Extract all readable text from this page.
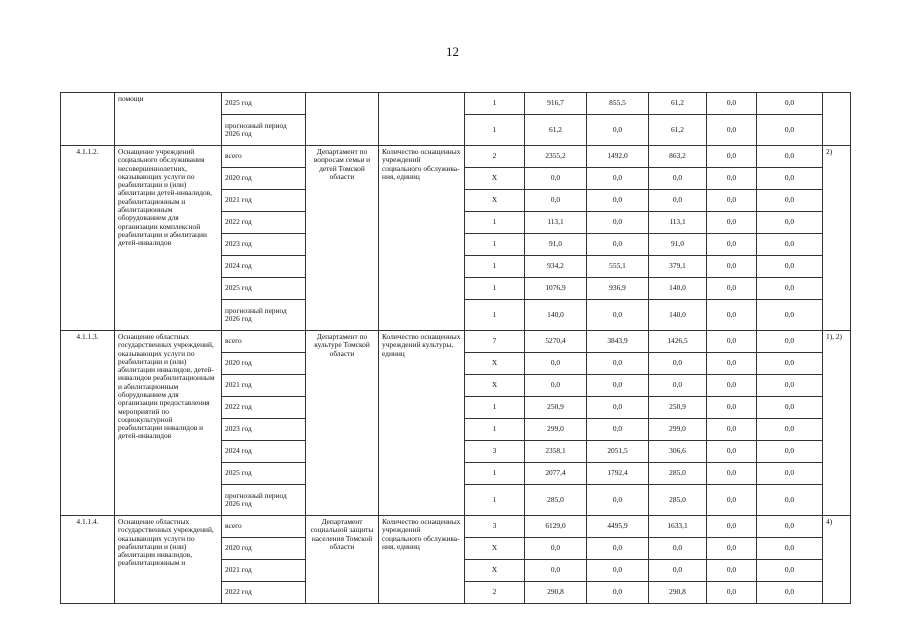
12
	помощи	2025 год			1	916,7	855,5	61,2	0,0	0,0	
		прогнозный период 2026 год			1	61,2	0,0	61,2	0,0	0,0	
4.1.1.2.	Оснащение учреждений социального обслуживания несовершеннолетних, оказывающих услуги по реабилитации и (или) абилитации детей-инвалидов, реабилитационным и абилитационным оборудованием для организации комплексной реабилитации и абилитации детей-инвалидов	всего	Департамент по вопросам семьи и детей Томской области	Количество оснащенных учреждений социального обслужива-ния, единиц	2	2355,2	1492,0	863,2	0,0	0,0	2)
		2020 год			Х	0,0	0,0	0,0	0,0	0,0	
		2021 год			Х	0,0	0,0	0,0	0,0	0,0	
		2022 год			1	113,1	0,0	113,1	0,0	0,0	
		2023 год			1	91,0	0,0	91,0	0,0	0,0	
		2024 год			1	934,2	555,1	379,1	0,0	0,0	
		2025 год			1	1076,9	936,9	140,0	0,0	0,0	
		прогнозный период 2026 год			1	140,0	0,0	140,0	0,0	0,0	
4.1.1.3.	Оснащение областных государственных учреждений, оказывающих услуги по реабилитации и (или) абилитации инвалидов, детей-инвалидов реабилитационным и абилитационным оборудованием для организации предоставления мероприятий по социокультурной реабилитации инвалидов и детей-инвалидов	всего	Департамент по культуре Томской области	Количество оснащенных учреждений культуры, единиц	7	5270,4	3843,9	1426,5	0,0	0,0	1), 2)
		2020 год			Х	0,0	0,0	0,0	0,0	0,0	
		2021 год			Х	0,0	0,0	0,0	0,0	0,0	
		2022 год			1	250,9	0,0	250,9	0,0	0,0	
		2023 год			1	299,0	0,0	299,0	0,0	0,0	
		2024 год			3	2358,1	2051,5	306,6	0,0	0,0	
		2025 год			1	2077,4	1792,4	285,0	0,0	0,0	
		прогнозный период 2026 год			1	285,0	0,0	285,0	0,0	0,0	
4.1.1.4.	Оснащение областных государственных учреждений, оказывающих услуги по реабилитации и (или) абилитации инвалидов, реабилитационным и	всего	Департамент социальной защиты населения Томской области	Количество оснащенных учреждений социального обслужива-ния, единиц	3	6129,0	4495,9	1633,1	0,0	0,0	4)
		2020 год			Х	0,0	0,0	0,0	0,0	0,0	
		2021 год			Х	0,0	0,0	0,0	0,0	0,0	
		2022 год			2	290,8	0,0	290,8	0,0	0,0	
